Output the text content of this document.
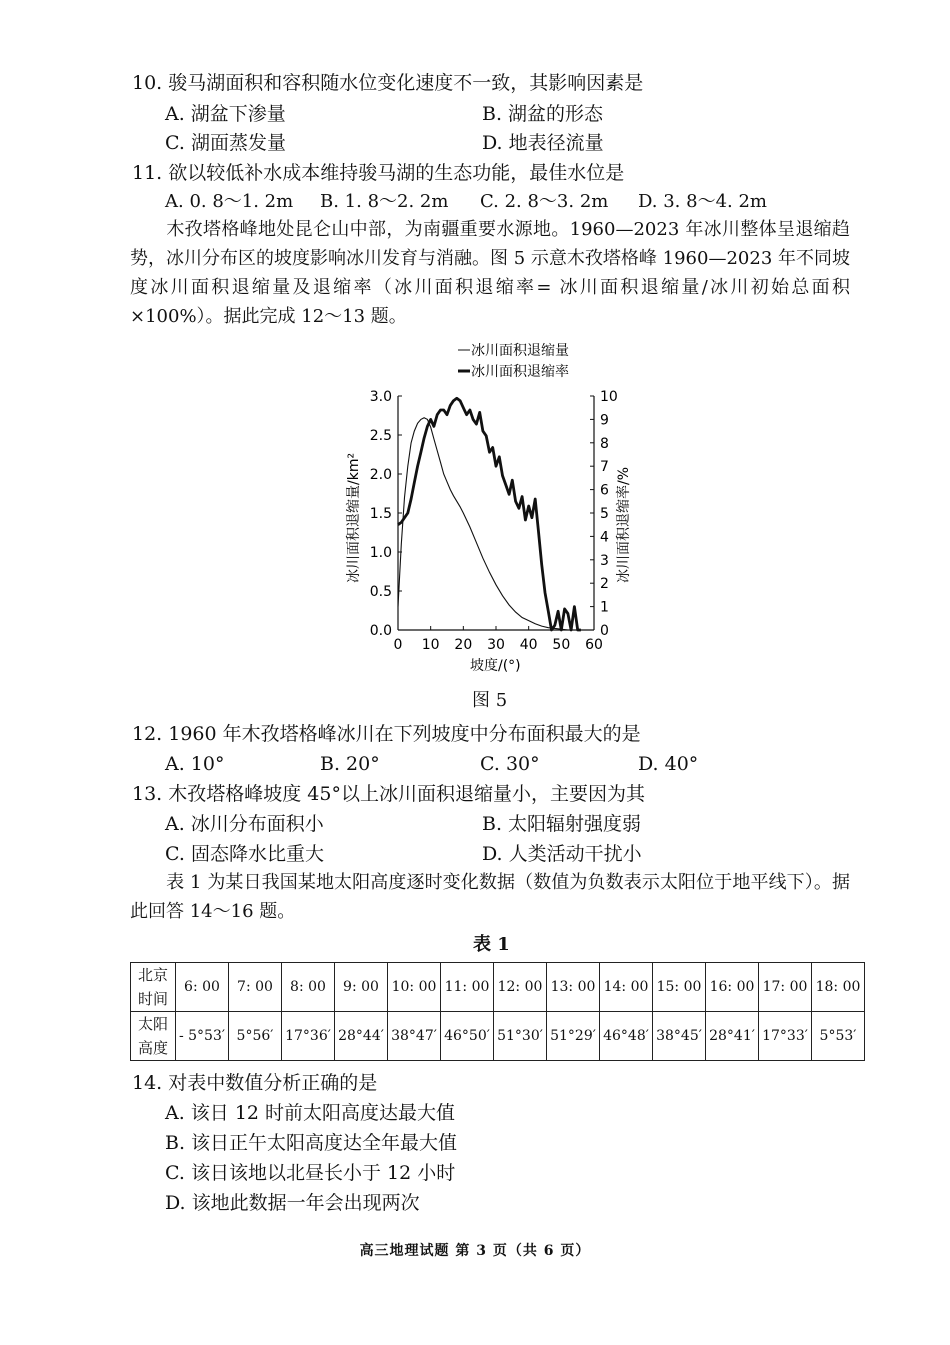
10. 骏马湖面积和容积随水位变化速度不一致，其影响因素是
A. 湖盆下渗量	B. 湖盆的形态
C. 湖面蒸发量	D. 地表径流量
11. 欲以较低补水成本维持骏马湖的生态功能，最佳水位是
A. 0. 8～1. 2m B. 1. 8～2. 2m C. 2. 8～3. 2m D. 3. 8～4. 2m
木孜塔格峰地处昆仑山中部，为南疆重要水源地。1960—2023 年冰川整体呈退缩趋势，冰川分布区的坡度影响冰川发育与消融。图 5 示意木孜塔格峰 1960—2023 年不同坡度冰川面积退缩量及退缩率（冰川面积退缩率= 冰川面积退缩量/冰川初始总面积×100%）。据此完成 12～13 题。
冰川面积退缩量
冰川面积退缩率
0.0
0.5
1.0
1.5
2.0
2.5
3.0
0
1
2
3
4
5
6
7
8
9
10
0 10 20 30 40 50 60
冰川面积退缩量/km²	冰川面积退缩率/%
坡度/(°)
图 5
12. 1960 年木孜塔格峰冰川在下列坡度中分布面积最大的是
A. 10°	B. 20°	C. 30°	D. 40°
13. 木孜塔格峰坡度 45°以上冰川面积退缩量小，主要因为其
A. 冰川分布面积小	B. 太阳辐射强度弱
C. 固态降水比重大	D. 人类活动干扰小
表 1 为某日我国某地太阳高度逐时变化数据（数值为负数表示太阳位于地平线下）。据此回答 14～16 题。
表 1
北京
时间	6: 00	7: 00	8: 00	9: 00	10: 00	11: 00	12: 00	13: 00	14: 00	15: 00	16: 00	17: 00	18: 00
太阳
高度	- 5°53′	5°56′	17°36′	28°44′	38°47′	46°50′	51°30′	51°29′	46°48′	38°45′	28°41′	17°33′	5°53′
14. 对表中数值分析正确的是
A. 该日 12 时前太阳高度达最大值
B. 该日正午太阳高度达全年最大值
C. 该日该地以北昼长小于 12 小时
D. 该地此数据一年会出现两次
高三地理试题 第 3 页（共 6 页）
